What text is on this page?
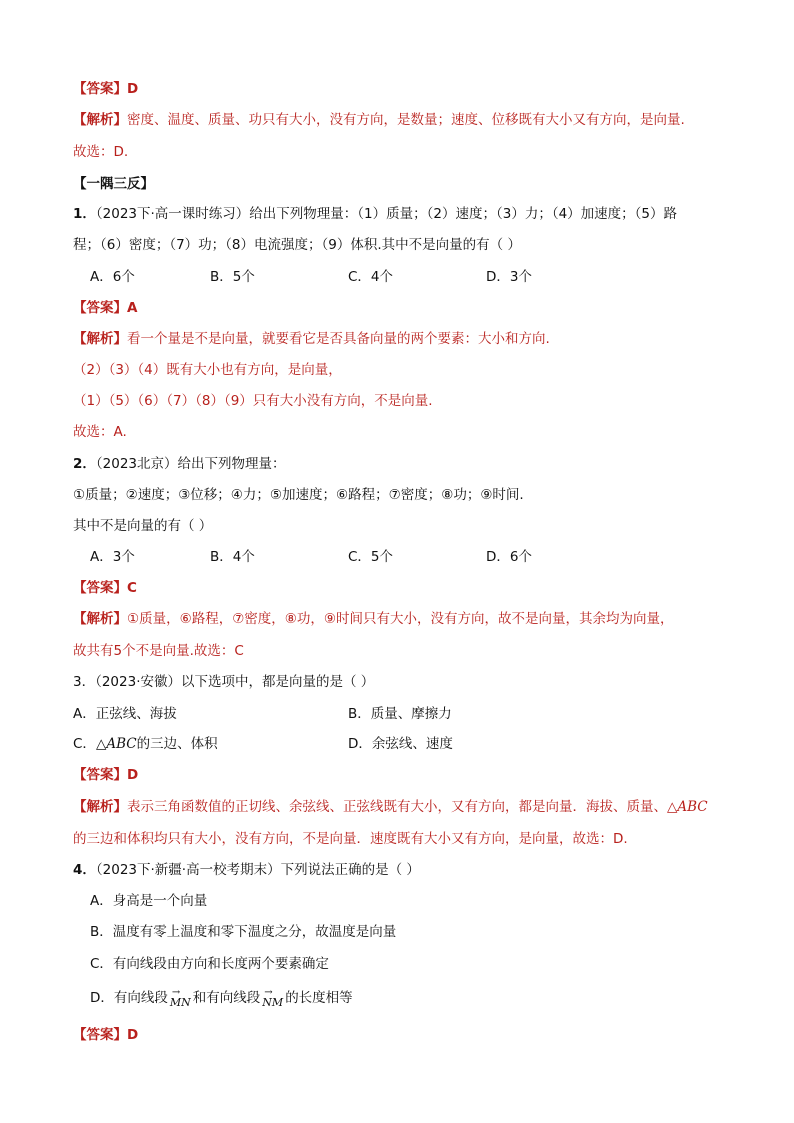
【答案】D
【解析】密度、温度、质量、功只有大小，没有方向，是数量；速度、位移既有大小又有方向，是向量.
故选：D.
【一隅三反】
1．（2023下·高一课时练习）给出下列物理量：（1）质量；（2）速度；（3）力；（4）加速度；（5）路
程；（6）密度；（7）功；（8）电流强度；（9）体积.其中不是向量的有（ ）
A．6个	B．5个	C．4个	D．3个
【答案】A
【解析】看一个量是不是向量，就要看它是否具备向量的两个要素：大小和方向.
（2）（3）（4）既有大小也有方向，是向量，
（1）（5）（6）（7）（8）（9）只有大小没有方向，不是向量.
故选：A.
2．（2023北京）给出下列物理量：
①质量；②速度；③位移；④力；⑤加速度；⑥路程；⑦密度；⑧功；⑨时间.
其中不是向量的有（ ）
A．3个	B．4个	C．5个	D．6个
【答案】C
【解析】①质量，⑥路程，⑦密度，⑧功，⑨时间只有大小，没有方向，故不是向量，其余均为向量，
故共有5个不是向量.故选：C
3．（2023·安徽）以下选项中，都是向量的是（ ）
A．正弦线、海拔	B．质量、摩擦力
C．△ABC的三边、体积	D．余弦线、速度
【答案】D
【解析】表示三角函数值的正切线、余弦线、正弦线既有大小，又有方向，都是向量．海拔、质量、△ABC
的三边和体积均只有大小，没有方向，不是向量．速度既有大小又有方向，是向量，故选：D.
4．（2023下·新疆·高一校考期末）下列说法正确的是（ ）
A．身高是一个向量
B．温度有零上温度和零下温度之分，故温度是向量
C．有向线段由方向和长度两个要素确定
D．有向线段 → MN 和有向线段 → NM 的长度相等
【答案】D
